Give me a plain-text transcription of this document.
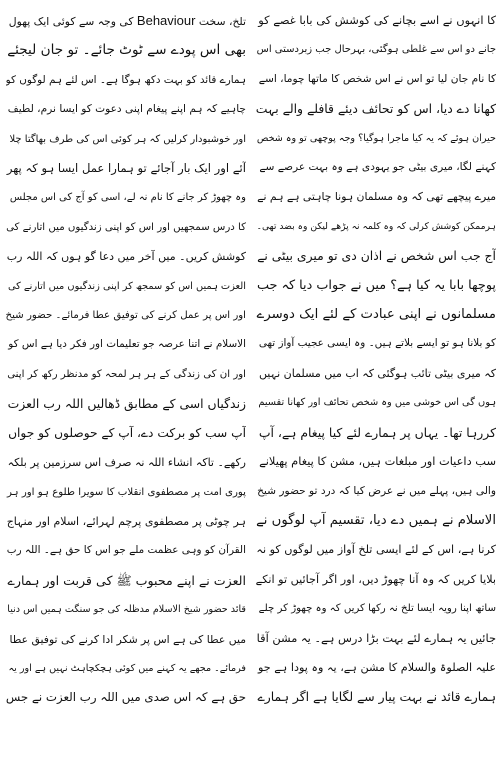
کا انہوں نے اسے بچانے کی کوشش کی بابا غصے کو
جانے دو اس سے غلطی ہوگئی، بہرحال جب زبردستی اس
کا نام جان لیا تو اس نے اس شخص کا ماتھا چوما، اسے
کھانا دے دیا، اس کو تحائف دیئے قافلے والے بہت
حیران ہوئے کہ یہ کیا ماجرا ہوگیا؟ وجہ پوچھی تو وہ شخص
کہنے لگا، میری بیٹی جو یہودی ہے وہ بہت عرصے سے
میرے پیچھے تھی کہ وہ مسلمان ہونا چاہتی ہے ہم نے
ہرممکن کوشش کرلی کہ وہ کلمہ نہ پڑھے لیکن وہ بضد تھی۔
آج جب اس شخص نے اذان دی تو میری بیٹی نے
پوچھا بابا یہ کیا ہے؟ میں نے جواب دیا کہ جب
مسلمانوں نے اپنی عبادت کے لئے ایک دوسرے
کو بلانا ہو تو ایسے بلاتے ہیں۔ وہ ایسی عجیب آواز تھی
کہ میری بیٹی تائب ہوگئی کہ اب میں مسلمان نہیں
ہوں گی اس خوشی میں وہ شخص تحائف اور کھانا تقسیم
کررہا تھا۔ یہاں پر ہمارے لئے کیا پیغام ہے، آپ
سب داعیات اور مبلغات ہیں، مشن کا پیغام پھیلانے
والی ہیں، پہلے میں نے عرض کیا کہ درد تو حضور شیخ
الاسلام نے ہمیں دے دیا، تقسیم آپ لوگوں نے
کرنا ہے، اس کے لئے ایسی تلخ آواز میں لوگوں کو نہ
بلایا کریں کہ وہ آنا چھوڑ دیں، اور اگر آجائیں تو انکے
ساتھ اپنا رویہ ایسا تلخ نہ رکھا کریں کہ وہ چھوڑ کر چلے
جائیں یہ ہمارے لئے بہت بڑا درس ہے۔ یہ مشن آقا
علیہ الصلوۃ والسلام کا مشن ہے، یہ وہ پودا ہے جو
ہمارے قائد نے بہت پیار سے لگایا ہے اگر ہمارے
تلخ، سخت Behaviour کی وجہ سے کوئی ایک پھول
بھی اس پودے سے ٹوٹ جائے۔ تو جان لیجئے
ہمارے قائد کو بہت دکھ ہوگا ہے۔ اس لئے ہم لوگوں کو
چاہیے کہ ہم اپنے پیغام اپنی دعوت کو ایسا نرم، لطیف
اور خوشبودار کرلیں کہ ہر کوئی اس کی طرف بھاگتا چلا
آئے اور ایک بار آجائے تو ہمارا عمل ایسا ہو کہ پھر
وہ چھوڑ کر جانے کا نام نہ لے، اسی کو آج کی اس مجلس
کا درس سمجھیں اور اس کو اپنی زندگیوں میں اتارنے کی
کوشش کریں۔ میں آخر میں دعا گو ہوں کہ اللہ رب
العزت ہمیں اس کو سمجھ کر اپنی زندگیوں میں اتارنے کی
اور اس پر عمل کرنے کی توفیق عطا فرمائے۔ حضور شیخ
الاسلام نے اتنا عرصہ جو تعلیمات اور فکر دیا ہے اس کو
اور ان کی زندگی کے ہر ہر لمحہ کو مدنظر رکھ کر اپنی
زندگیاں اسی کے مطابق ڈھالیں اللہ رب العزت
آپ سب کو برکت دے، آپ کے حوصلوں کو جواں
رکھے۔ تاکہ انشاء اللہ نہ صرف اس سرزمین پر بلکہ
پوری امت پر مصطفوی انقلاب کا سویرا طلوع ہو اور ہر
ہر چوٹی پر مصطفوی پرچم لہرائے، اسلام اور منہاج
القرآن کو وہی عظمت ملے جو اس کا حق ہے۔ اللہ رب
العزت نے اپنے محبوب ﷺ کی قربت اور ہمارے
قائد حضور شیخ الاسلام مدظلہ کی جو سنگت ہمیں اس دنیا
میں عطا کی ہے اس پر شکر ادا کرنے کی توفیق عطا
فرمائے۔ مجھے یہ کہنے میں کوئی ہچکچاہٹ نہیں ہے اور یہ
حق ہے کہ اس صدی میں اللہ رب العزت نے جس
